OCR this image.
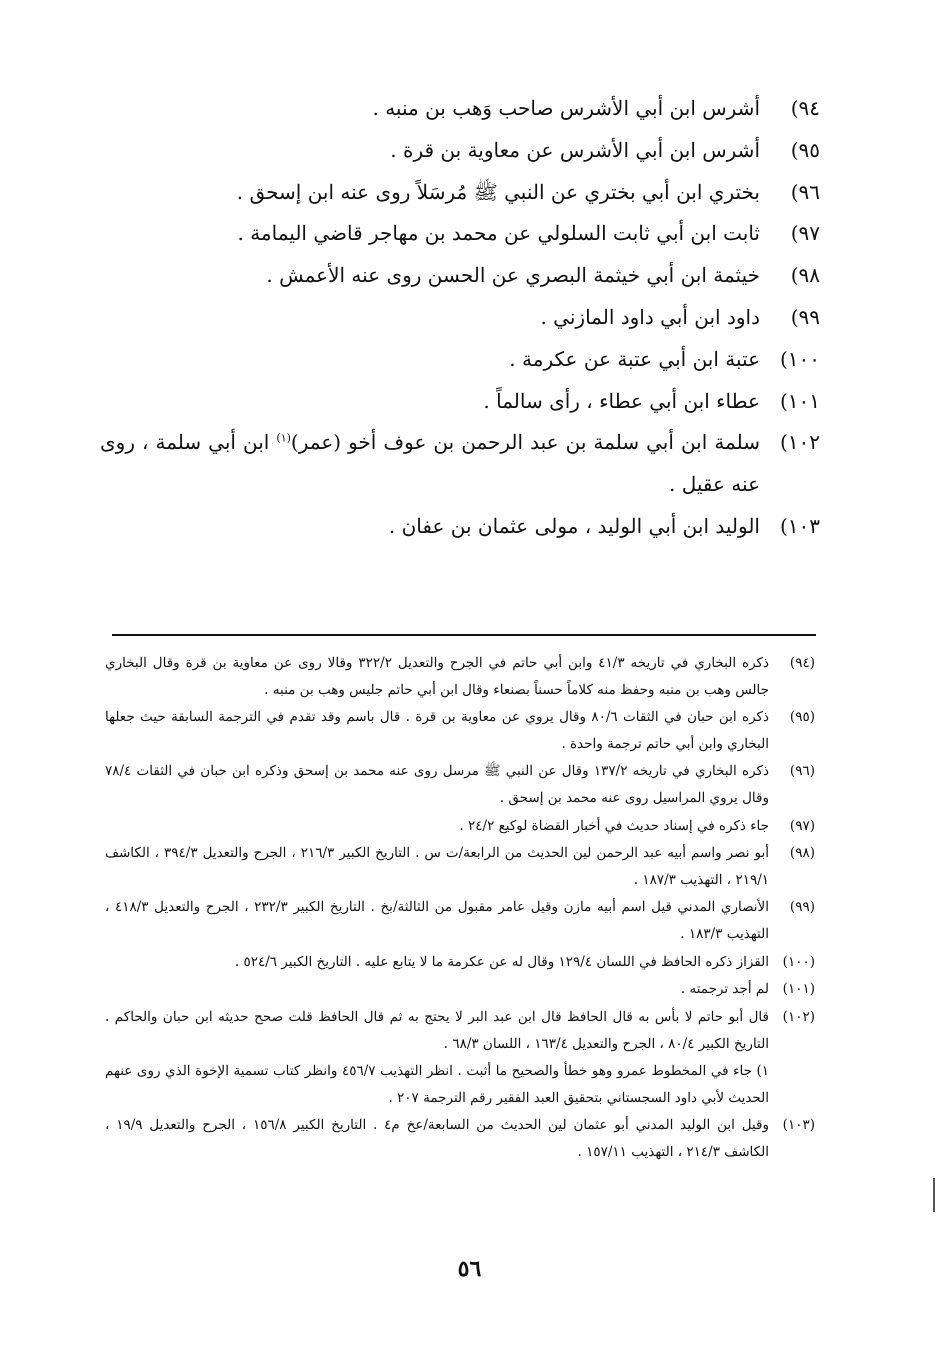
٩٤)
أشرس ابن أبي الأشرس صاحب وَهب بن منبه .
٩٥)
أشرس ابن أبي الأشرس عن معاوية بن قرة .
٩٦)
بختري ابن أبي بختري عن النبي ﷺ مُرسَلاً روى عنه ابن إسحق .
٩٧)
ثابت ابن أبي ثابت السلولي عن محمد بن مهاجر قاضي اليمامة .
٩٨)
خيثمة ابن أبي خيثمة البصري عن الحسن روى عنه الأعمش .
٩٩)
داود ابن أبي داود المازني .
١٠٠)
عتبة ابن أبي عتبة عن عكرمة .
١٠١)
عطاء ابن أبي عطاء ، رأى سالماً .
١٠٢)
سلمة ابن أبي سلمة بن عبد الرحمن بن عوف أخو (عمر)$^{(١)}$ ابن أبي سلمة ، روى عنه عقيل .
١٠٣)
الوليد ابن أبي الوليد ، مولى عثمان بن عفان .
(٩٤)
ذكره البخاري في تاريخه ٤١/٣ وابن أبي حاتم في الجرح والتعديل ٣٢٢/٢ وقالا روى عن معاوية بن قرة وقال البخاري جالس وهب بن منبه وحفظ منه كلاماً حسناً بصنعاء وقال ابن أبي حاتم جليس وهب بن منبه .
(٩٥)
ذكره ابن حبان في الثقات ٨٠/٦ وقال يروي عن معاوية بن قرة . قال باسم وقد تقدم في الترجمة السابقة حيث جعلها البخاري وابن أبي حاتم ترجمة واحدة .
(٩٦)
ذكره البخاري في تاريخه ١٣٧/٢ وقال عن النبي ﷺ مرسل روى عنه محمد بن إسحق وذكره ابن حبان في الثقات ٧٨/٤ وقال يروي المراسيل روى عنه محمد بن إسحق .
(٩٧)
جاء ذكره في إسناد حديث في أخبار القضاة لوكيع ٢٤/٢ .
(٩٨)
أبو نصر واسم أبيه عبد الرحمن لين الحديث من الرابعة/ت س . التاريخ الكبير ٢١٦/٣ ، الجرح والتعديل ٣٩٤/٣ ، الكاشف ٢١٩/١ ، التهذيب ١٨٧/٣ .
(٩٩)
الأنصاري المدني قيل اسم أبيه مازن وقيل عامر مقبول من الثالثة/بخ . التاريخ الكبير ٢٣٢/٣ ، الجرح والتعديل ٤١٨/٣ ، التهذيب ١٨٣/٣ .
(١٠٠)
القزاز ذكره الحافظ في اللسان ١٢٩/٤ وقال له عن عكرمة ما لا يتابع عليه . التاريخ الكبير ٥٢٤/٦ .
(١٠١)
لم أجد ترجمته .
(١٠٢)
قال أبو حاتم لا بأس به قال الحافظ قال ابن عبد البر لا يحتج به ثم قال الحافظ قلت صحح حديثه ابن حبان والحاكم . التاريخ الكبير ٨٠/٤ ، الجرح والتعديل ١٦٣/٤ ، اللسان ٦٨/٣ .
١) جاء في المخطوط عمرو وهو خطأ والصحيح ما أثبت . انظر التهذيب ٤٥٦/٧ وانظر كتاب تسمية الإخوة الذي روى عنهم الحديث لأبي داود السجستاني بتحقيق العبد الفقير رقم الترجمة ٢٠٧ .
(١٠٣)
وقيل ابن الوليد المدني أبو عثمان لين الحديث من السابعة/عخ م٤ . التاريخ الكبير ١٥٦/٨ ، الجرح والتعديل ١٩/٩ ، الكاشف ٢١٤/٣ ، التهذيب ١٥٧/١١ .
٥٦
